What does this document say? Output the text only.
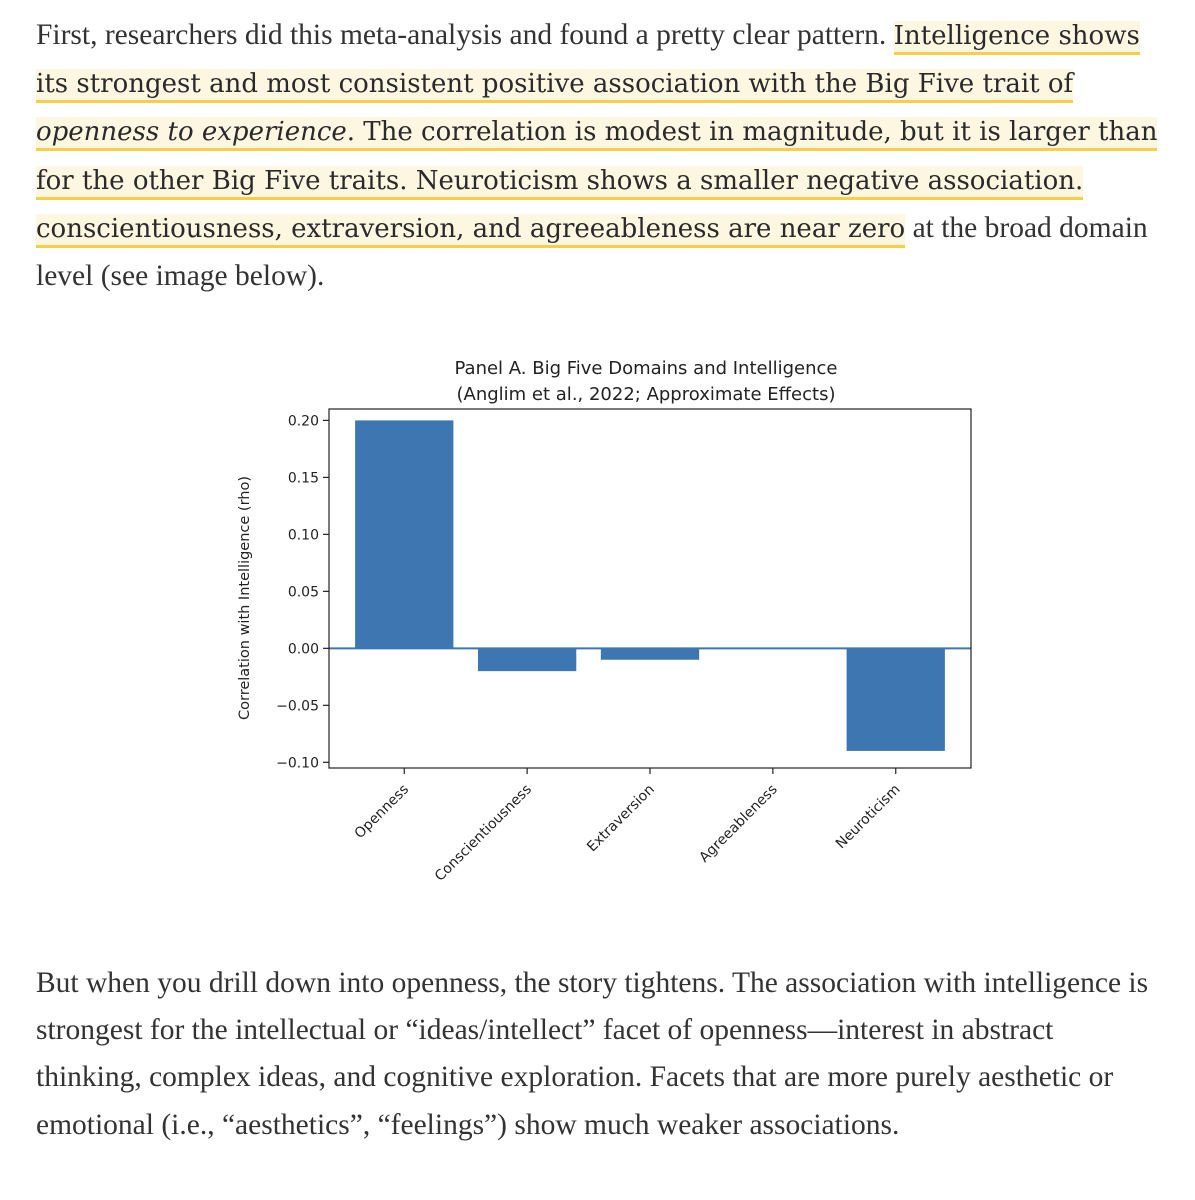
First, researchers did this meta-analysis and found a pretty clear pattern. Intelligence shows its strongest and most consistent positive association with the Big Five trait of openness to experience. The correlation is modest in magnitude, but it is larger than for the other Big Five traits. Neuroticism shows a smaller negative association. conscientiousness, extraversion, and agreeableness are near zero at the broad domain level (see image below).

Panel A. Big Five Domains and Intelligence
(Anglim et al., 2022; Approximate Effects)
Correlation with Intelligence (rho)
0.20
0.15
0.10
0.05
0.00
−0.05
−0.10
Openness Conscientiousness	Extraversion	Agreeableness	Neuroticism

But when you drill down into openness, the story tightens. The association with intelligence is strongest for the intellectual or “ideas/intellect” facet of openness—interest in abstract thinking, complex ideas, and cognitive exploration. Facets that are more purely aesthetic or emotional (i.e., “aesthetics”, “feelings”) show much weaker associations.
